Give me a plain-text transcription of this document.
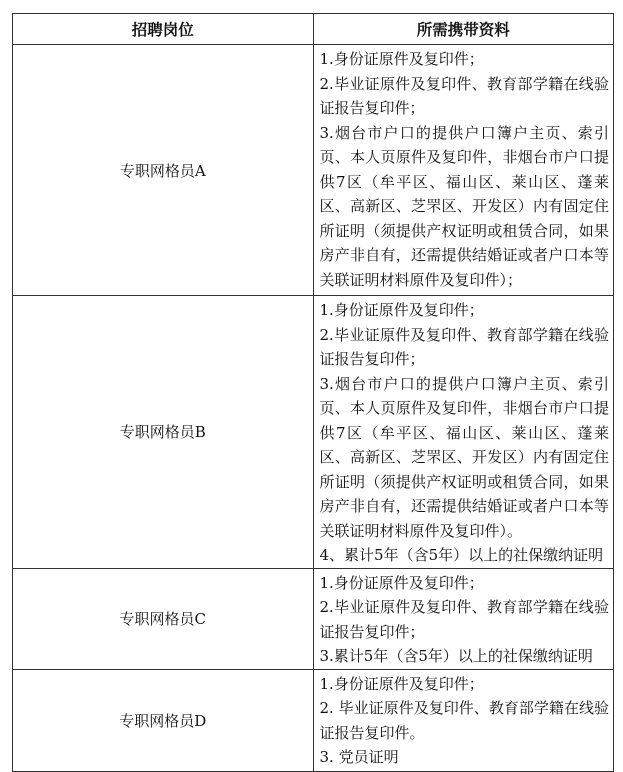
招聘岗位	所需携带资料
专职网格员A	1.身份证原件及复印件；
2.毕业证原件及复印件、教育部学籍在线验证报告复印件；
3.烟台市户口的提供户口簿户主页、索引页、本人页原件及复印件，非烟台市户口提供7区（牟平区、福山区、莱山区、蓬莱区、高新区、芝罘区、开发区）内有固定住所证明（须提供产权证明或租赁合同，如果房产非自有，还需提供结婚证或者户口本等关联证明材料原件及复印件）；

专职网格员B	1.身份证原件及复印件；
2.毕业证原件及复印件、教育部学籍在线验证报告复印件；
3.烟台市户口的提供户口簿户主页、索引页、本人页原件及复印件，非烟台市户口提供7区（牟平区、福山区、莱山区、蓬莱区、高新区、芝罘区、开发区）内有固定住所证明（须提供产权证明或租赁合同，如果房产非自有，还需提供结婚证或者户口本等关联证明材料原件及复印件）。
4、累计5年（含5年）以上的社保缴纳证明

专职网格员C	1.身份证原件及复印件；
2.毕业证原件及复印件、教育部学籍在线验证报告复印件；
3.累计5年（含5年）以上的社保缴纳证明

专职网格员D	1.身份证原件及复印件；
2. 毕业证原件及复印件、教育部学籍在线验证报告复印件。
3. 党员证明
